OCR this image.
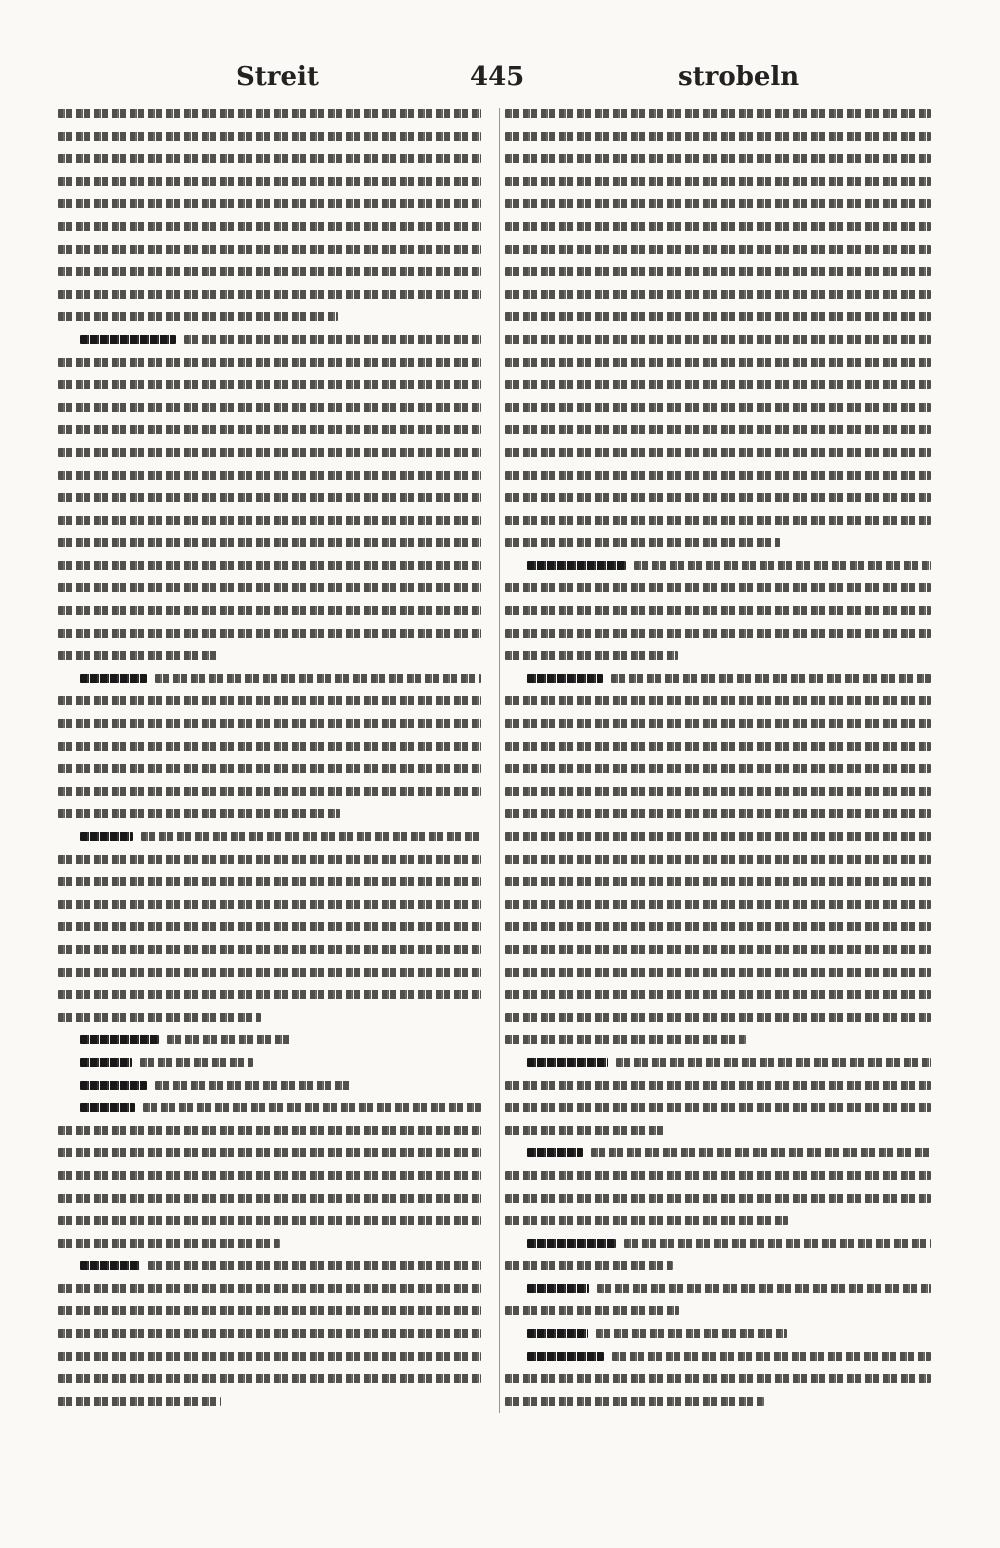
Streit	445	strobeln
